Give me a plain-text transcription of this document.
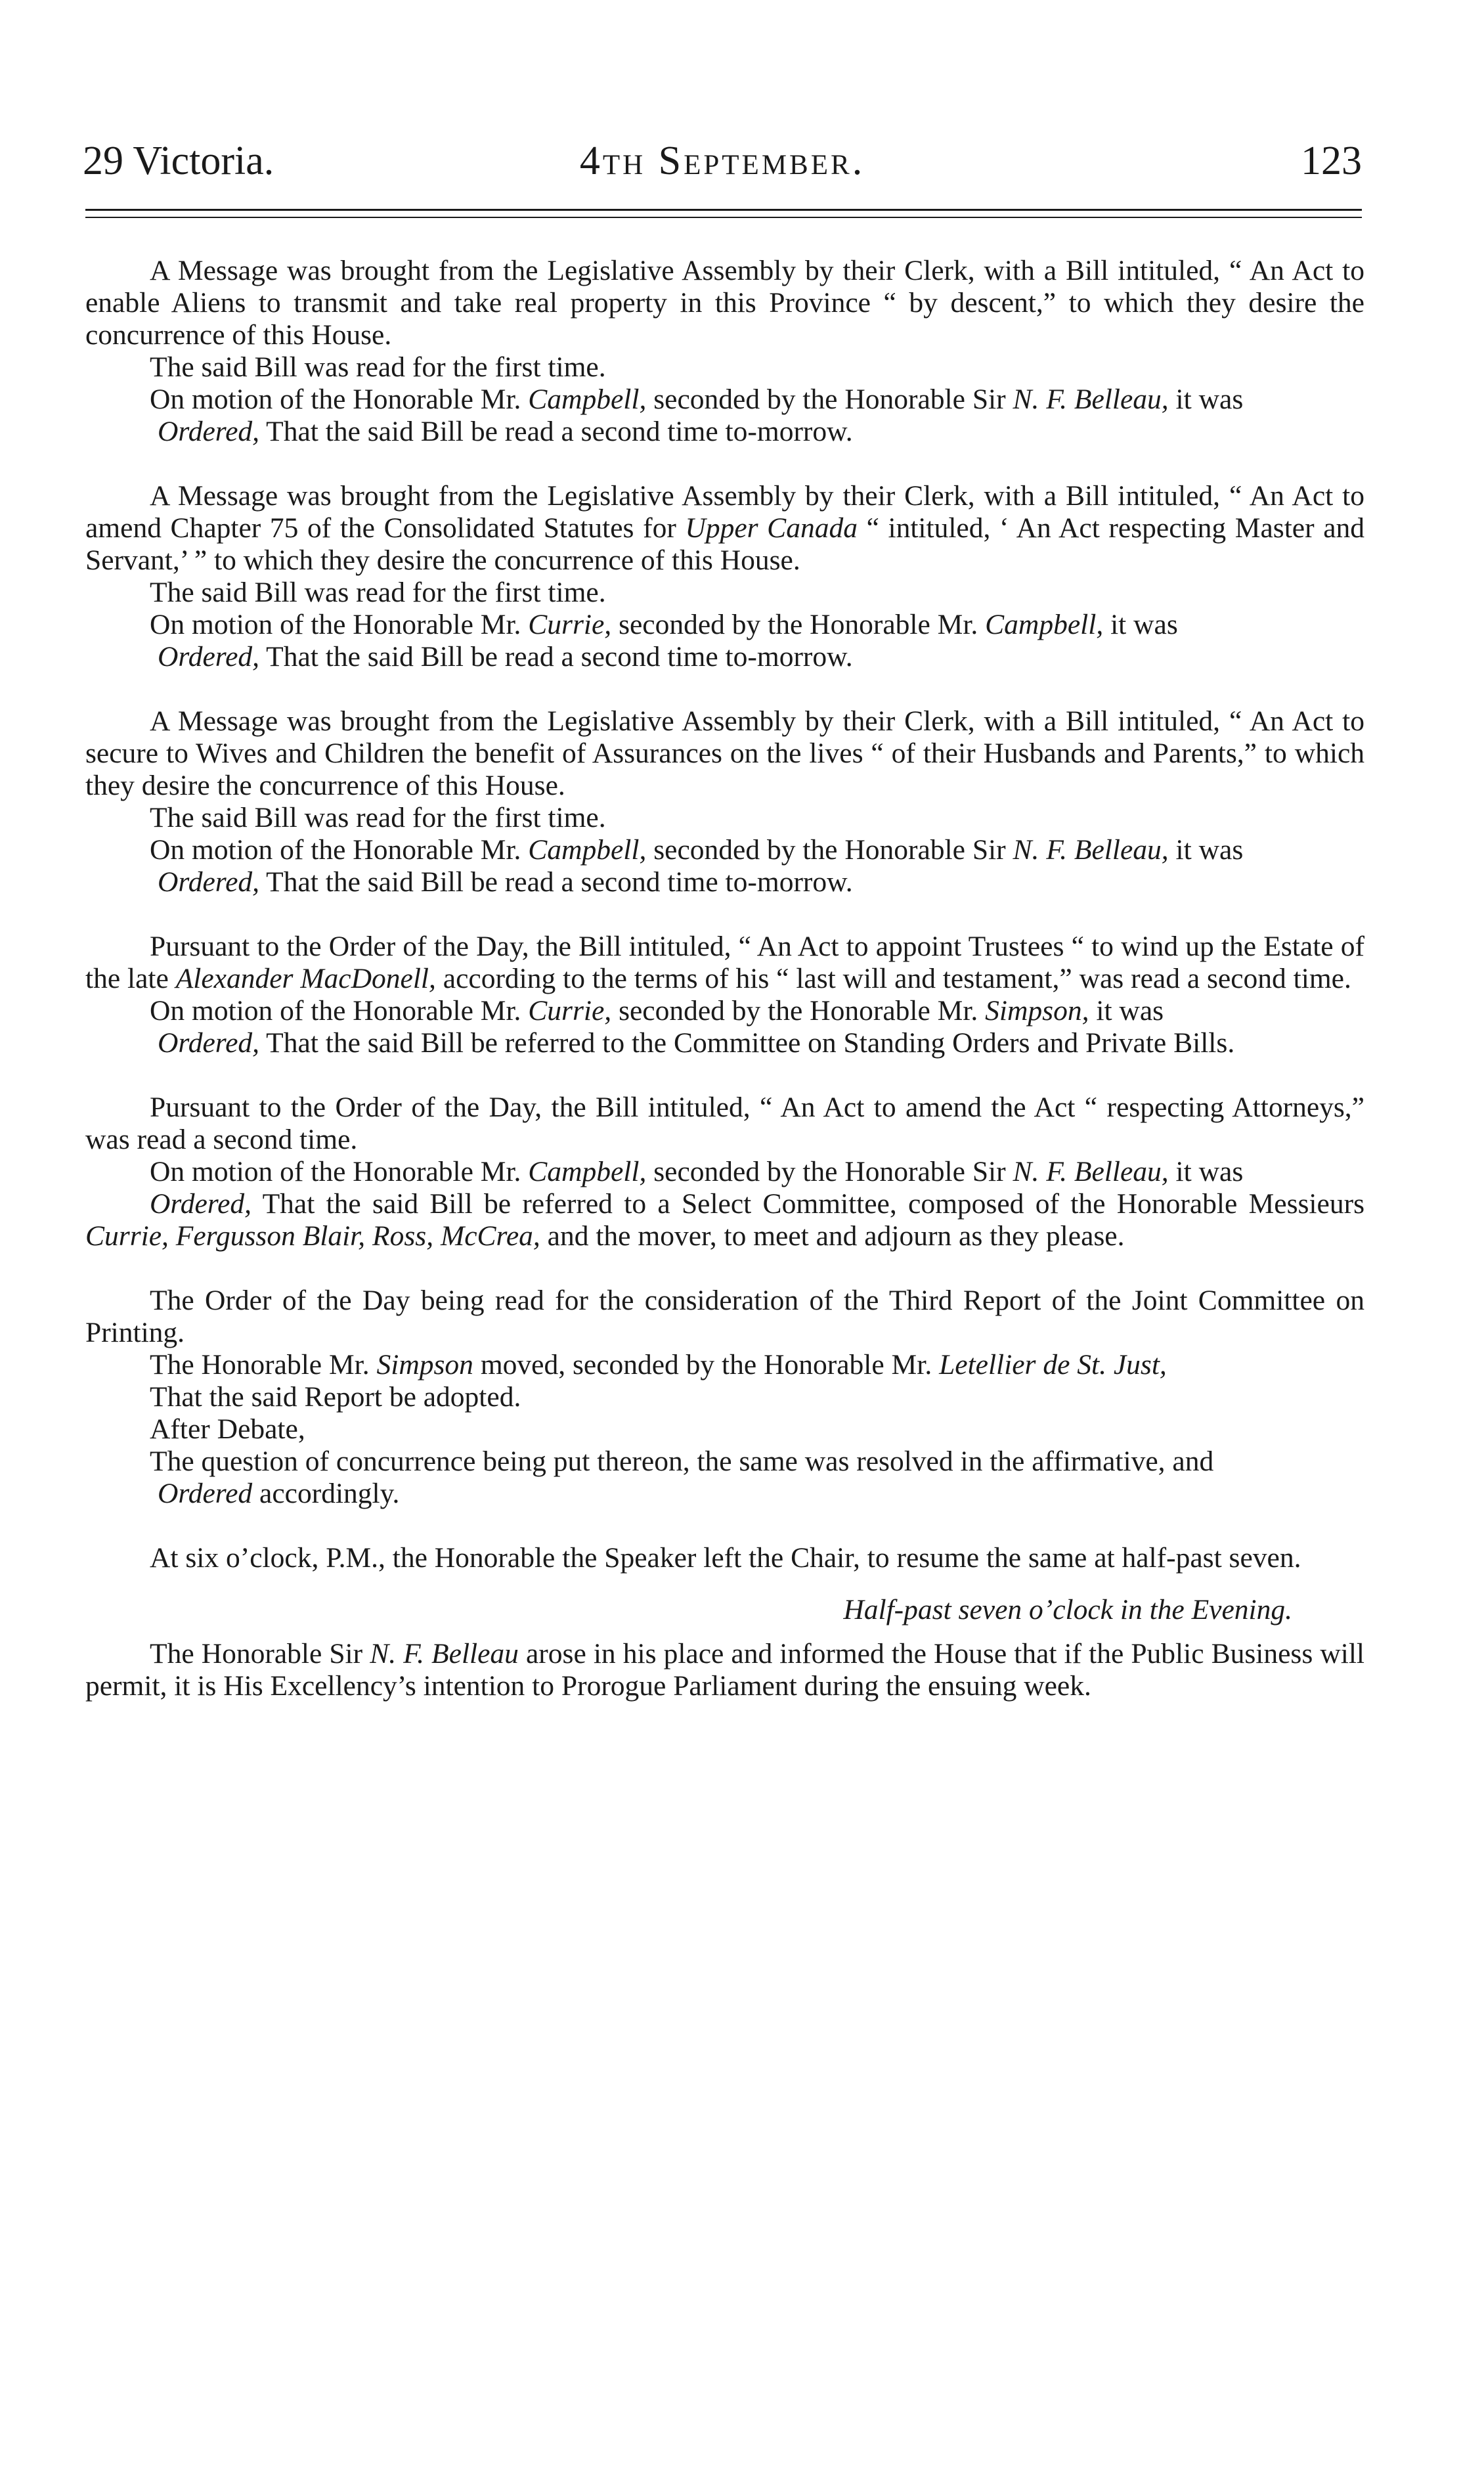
29 Victoria.	4th September.	123

A Message was brought from the Legislative Assembly by their Clerk, with a Bill intituled, “ An Act to enable Aliens to transmit and take real property in this Province “ by descent,” to which they desire the concurrence of this House.

The said Bill was read for the first time.

On motion of the Honorable Mr. Campbell, seconded by the Honorable Sir N. F. Belleau, it was

Ordered, That the said Bill be read a second time to-morrow.

A Message was brought from the Legislative Assembly by their Clerk, with a Bill intituled, “ An Act to amend Chapter 75 of the Consolidated Statutes for Upper Canada “ intituled, ‘ An Act respecting Master and Servant,’ ” to which they desire the concurrence of this House.

The said Bill was read for the first time.

On motion of the Honorable Mr. Currie, seconded by the Honorable Mr. Campbell, it was

Ordered, That the said Bill be read a second time to-morrow.

A Message was brought from the Legislative Assembly by their Clerk, with a Bill intituled, “ An Act to secure to Wives and Children the benefit of Assurances on the lives “ of their Husbands and Parents,” to which they desire the concurrence of this House.

The said Bill was read for the first time.

On motion of the Honorable Mr. Campbell, seconded by the Honorable Sir N. F. Belleau, it was

Ordered, That the said Bill be read a second time to-morrow.

Pursuant to the Order of the Day, the Bill intituled, “ An Act to appoint Trustees “ to wind up the Estate of the late Alexander MacDonell, according to the terms of his “ last will and testament,” was read a second time.

On motion of the Honorable Mr. Currie, seconded by the Honorable Mr. Simpson, it was

Ordered, That the said Bill be referred to the Committee on Standing Orders and Private Bills.

Pursuant to the Order of the Day, the Bill intituled, “ An Act to amend the Act “ respecting Attorneys,” was read a second time.

On motion of the Honorable Mr. Campbell, seconded by the Honorable Sir N. F. Belleau, it was

Ordered, That the said Bill be referred to a Select Committee, composed of the Honorable Messieurs Currie, Fergusson Blair, Ross, McCrea, and the mover, to meet and adjourn as they please.

The Order of the Day being read for the consideration of the Third Report of the Joint Committee on Printing.

The Honorable Mr. Simpson moved, seconded by the Honorable Mr. Letellier de St. Just,

That the said Report be adopted.

After Debate,

The question of concurrence being put thereon, the same was resolved in the affirmative, and

Ordered accordingly.

At six o’clock, P.M., the Honorable the Speaker left the Chair, to resume the same at half-past seven.

Half-past seven o’clock in the Evening.

The Honorable Sir N. F. Belleau arose in his place and informed the House that if the Public Business will permit, it is His Excellency’s intention to Prorogue Parliament during the ensuing week.
